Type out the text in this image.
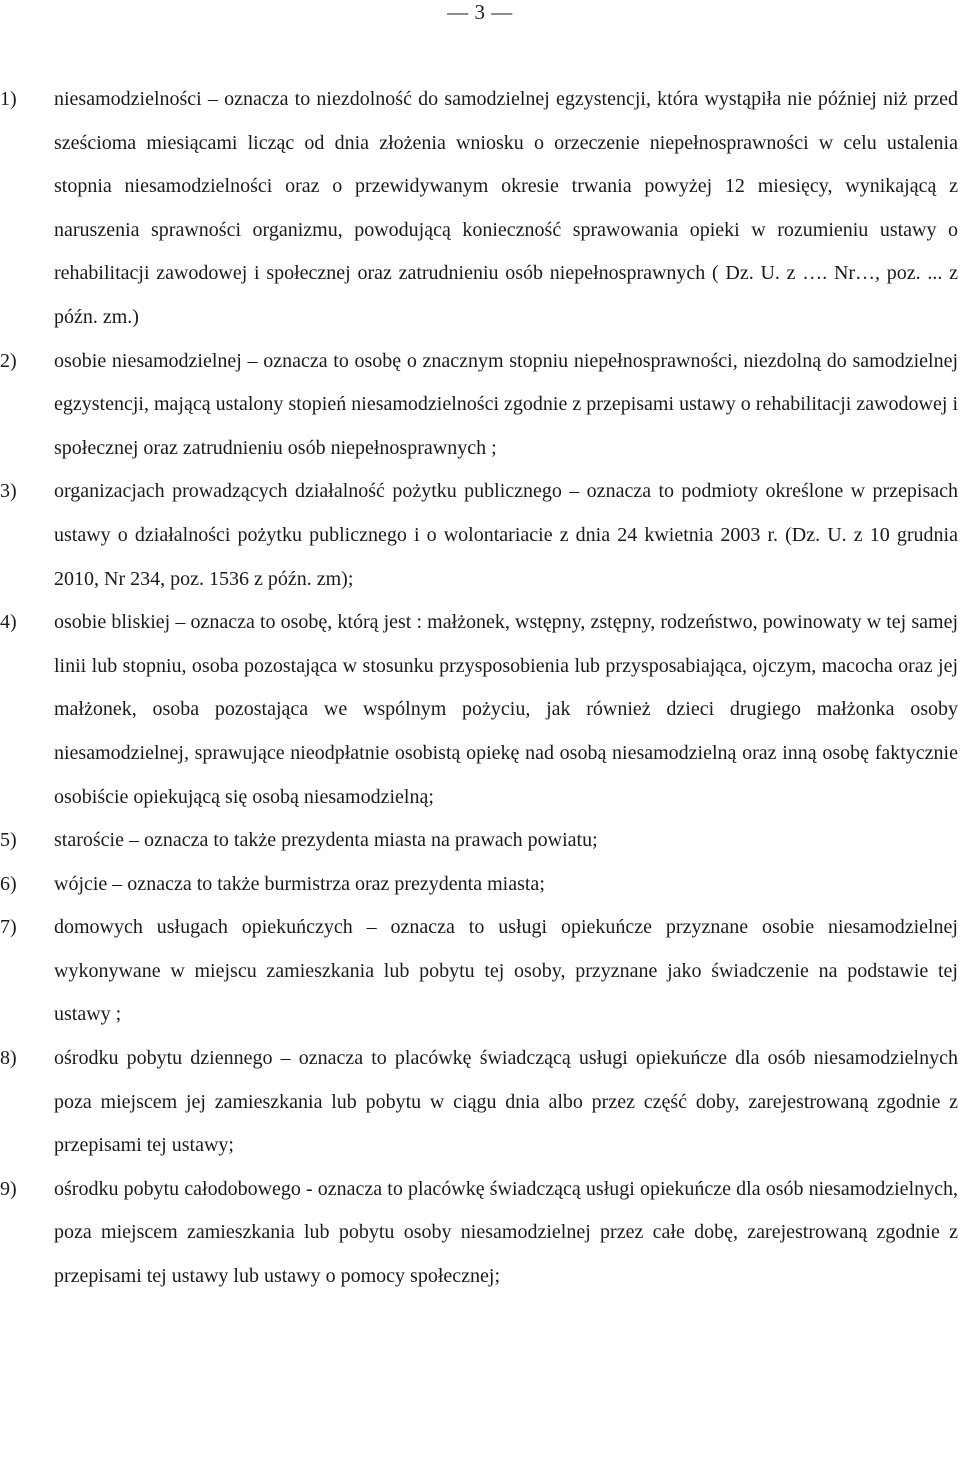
— 3 —
1)	niesamodzielności – oznacza to niezdolność do samodzielnej egzystencji, która wystąpiła nie później niż przed sześcioma miesiącami licząc od dnia złożenia wniosku o orzeczenie niepełnosprawności w celu ustalenia stopnia niesamodzielności oraz o przewidywanym okresie trwania powyżej 12 miesięcy, wynikającą z naruszenia sprawności organizmu, powodującą konieczność sprawowania opieki w rozumieniu ustawy o rehabilitacji zawodowej i społecznej oraz zatrudnieniu osób niepełnosprawnych ( Dz. U. z …. Nr…, poz. ... z późn. zm.)
2)	osobie niesamodzielnej – oznacza to osobę o znacznym stopniu niepełnosprawności, niezdolną do samodzielnej egzystencji, mającą ustalony stopień niesamodzielności zgodnie z przepisami ustawy o rehabilitacji zawodowej i społecznej oraz zatrudnieniu osób niepełnosprawnych ;
3)	organizacjach prowadzących działalność pożytku publicznego – oznacza to podmioty określone w przepisach ustawy o działalności pożytku publicznego i o wolontariacie z dnia 24 kwietnia 2003 r. (Dz. U. z 10 grudnia 2010, Nr 234, poz. 1536 z późn. zm);
4)	osobie bliskiej – oznacza to osobę, którą jest : małżonek, wstępny, zstępny, rodzeństwo, powinowaty w tej samej linii lub stopniu, osoba pozostająca w stosunku przysposobienia lub przysposabiająca, ojczym, macocha oraz jej małżonek, osoba pozostająca we wspólnym pożyciu, jak również dzieci drugiego małżonka osoby niesamodzielnej, sprawujące nieodpłatnie osobistą opiekę nad osobą niesamodzielną oraz inną osobę faktycznie osobiście opiekującą się osobą niesamodzielną;
5)	staroście – oznacza to także prezydenta miasta na prawach powiatu;
6)	wójcie – oznacza to także burmistrza oraz prezydenta miasta;
7)	domowych usługach opiekuńczych – oznacza to usługi opiekuńcze przyznane osobie niesamodzielnej wykonywane w miejscu zamieszkania lub pobytu tej osoby, przyznane jako świadczenie na podstawie tej ustawy ;
8)	ośrodku pobytu dziennego – oznacza to placówkę świadczącą usługi opiekuńcze dla osób niesamodzielnych poza miejscem jej zamieszkania lub pobytu w ciągu dnia albo przez część doby, zarejestrowaną zgodnie z przepisami tej ustawy;
9)	ośrodku pobytu całodobowego - oznacza to placówkę świadczącą usługi opiekuńcze dla osób niesamodzielnych, poza miejscem zamieszkania lub pobytu osoby niesamodzielnej przez całe dobę, zarejestrowaną zgodnie z przepisami tej ustawy lub ustawy o pomocy społecznej;
